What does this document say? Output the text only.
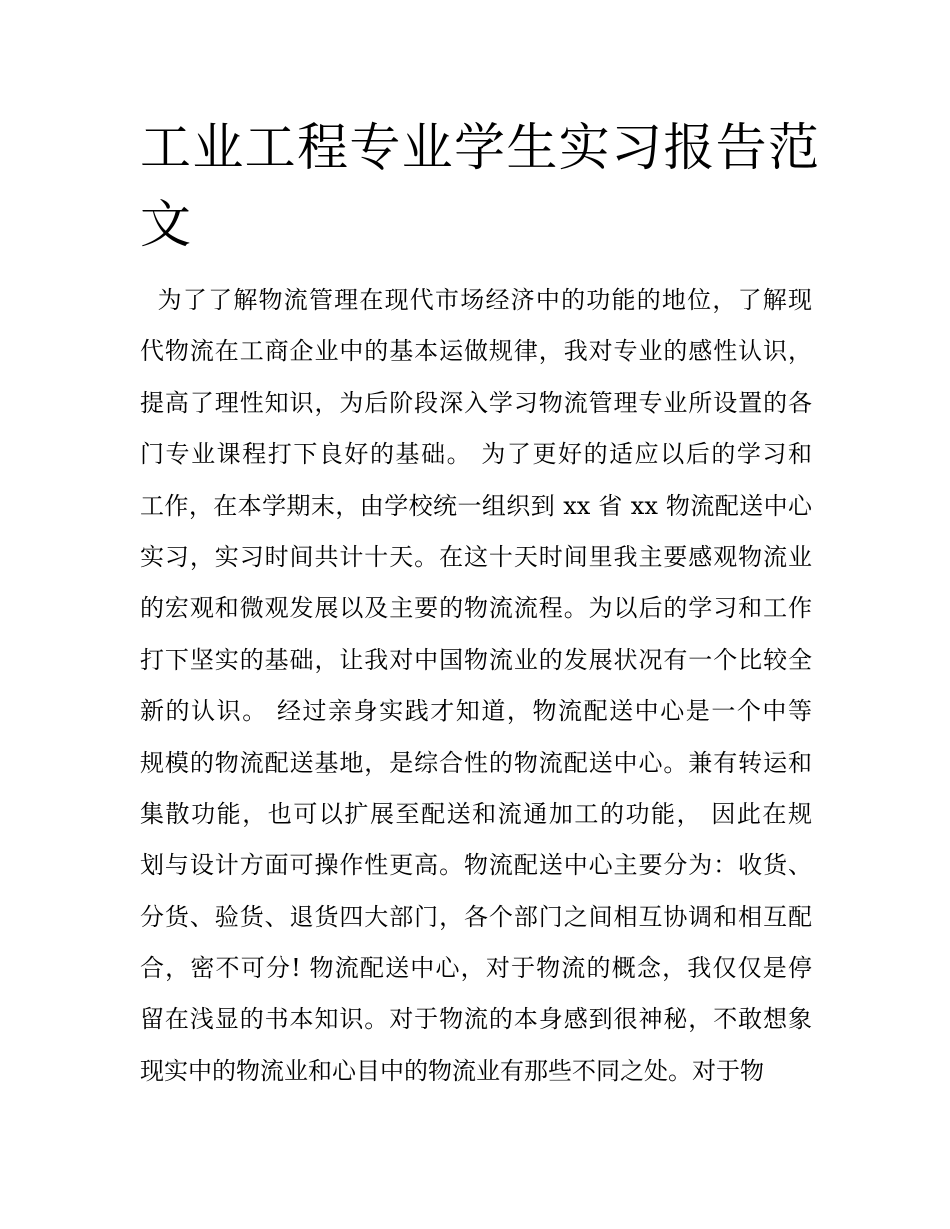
工业工程专业学生实习报告范
文
为了了解物流管理在现代市场经济中的功能的地位，了解现
代物流在工商企业中的基本运做规律，我对专业的感性认识，
提高了理性知识，为后阶段深入学习物流管理专业所设置的各
门专业课程打下良好的基础。 为了更好的适应以后的学习和
工作，在本学期末，由学校统一组织到 xx 省 xx 物流配送中心
实习，实习时间共计十天。在这十天时间里我主要感观物流业
的宏观和微观发展以及主要的物流流程。为以后的学习和工作
打下坚实的基础，让我对中国物流业的发展状况有一个比较全
新的认识。 经过亲身实践才知道，物流配送中心是一个中等
规模的物流配送基地，是综合性的物流配送中心。兼有转运和
集散功能，也可以扩展至配送和流通加工的功能， 因此在规
划与设计方面可操作性更高。物流配送中心主要分为：收货、
分货、验货、退货四大部门，各个部门之间相互协调和相互配
合，密不可分! 物流配送中心，对于物流的概念，我仅仅是停
留在浅显的书本知识。对于物流的本身感到很神秘，不敢想象
现实中的物流业和心目中的物流业有那些不同之处。对于物
